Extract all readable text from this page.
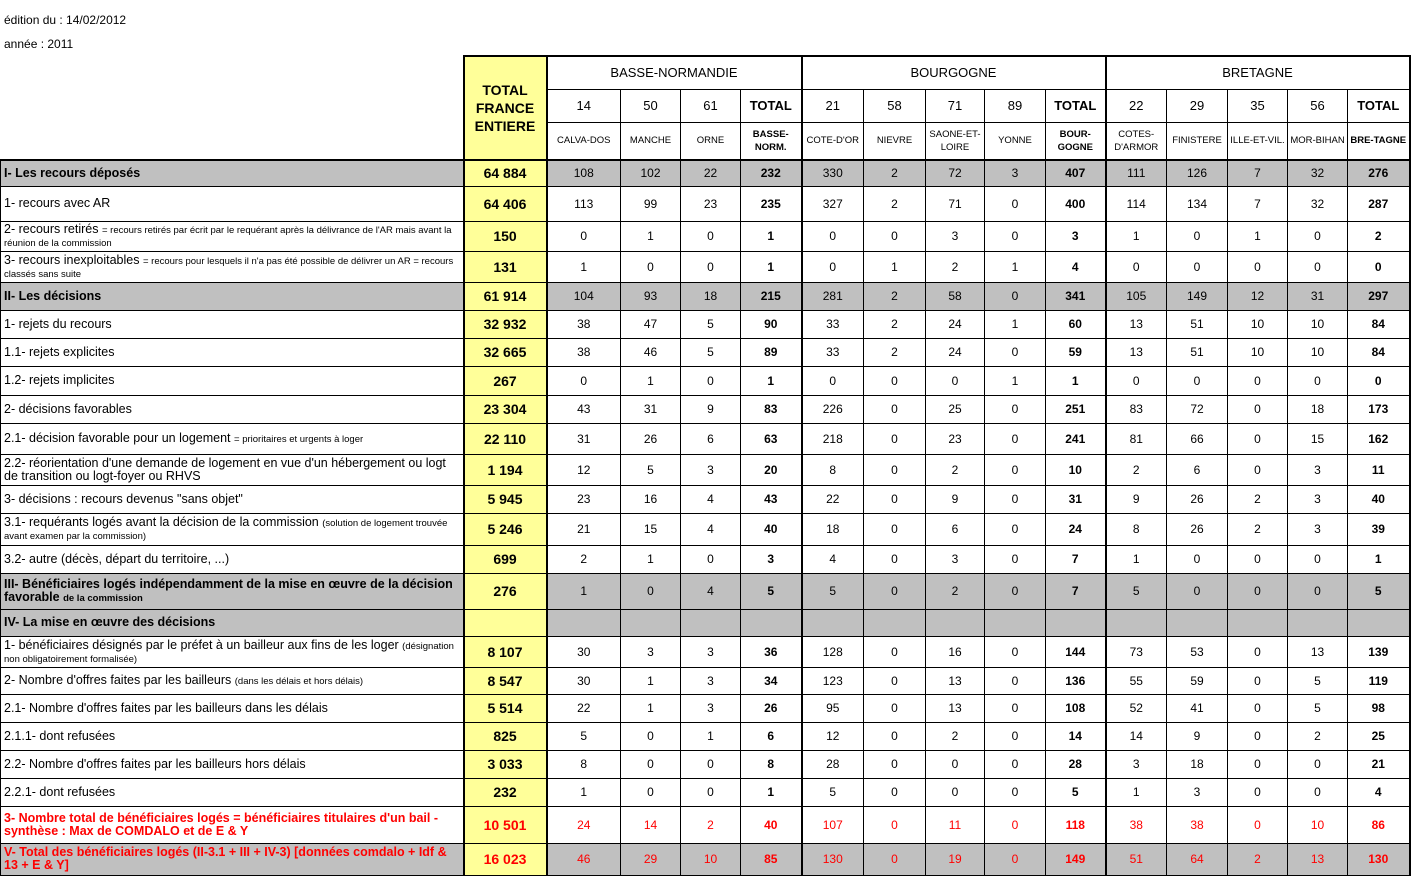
édition du : 14/02/2012
année : 2011
	TOTAL FRANCE ENTIERE	BASSE-NORMANDIE				BOURGOGNE					BRETAGNE				
		14	50	61	TOTAL	21	58	71	89	TOTAL	22	29	35	56	TOTAL
		CALVA-DOS	MANCHE	ORNE	BASSE-NORM.	COTE-D'OR	NIEVRE	SAONE-ET-LOIRE	YONNE	BOUR-GOGNE	COTES-D'ARMOR	FINISTERE	ILLE-ET-VIL.	MOR-BIHAN	BRE-TAGNE
I- Les recours déposés	64 884	108	102	22	232	330	2	72	3	407	111	126	7	32	276
1- recours avec AR	64 406	113	99	23	235	327	2	71	0	400	114	134	7	32	287
2- recours retirés = recours retirés par écrit par le requérant après la délivrance de l'AR mais avant la réunion de la commission	150	0	1	0	1	0	0	3	0	3	1	0	1	0	2
3- recours inexploitables = recours pour lesquels il n'a pas été possible de délivrer un AR = recours classés sans suite	131	1	0	0	1	0	1	2	1	4	0	0	0	0	0
II- Les décisions	61 914	104	93	18	215	281	2	58	0	341	105	149	12	31	297
1- rejets du recours	32 932	38	47	5	90	33	2	24	1	60	13	51	10	10	84
1.1- rejets explicites	32 665	38	46	5	89	33	2	24	0	59	13	51	10	10	84
1.2- rejets implicites	267	0	1	0	1	0	0	0	1	1	0	0	0	0	0
2- décisions favorables	23 304	43	31	9	83	226	0	25	0	251	83	72	0	18	173
2.1- décision favorable pour un logement = prioritaires et urgents à loger	22 110	31	26	6	63	218	0	23	0	241	81	66	0	15	162
2.2- réorientation d'une demande de logement en vue d'un hébergement ou logt de transition ou logt-foyer ou RHVS	1 194	12	5	3	20	8	0	2	0	10	2	6	0	3	11
3- décisions : recours devenus "sans objet"	5 945	23	16	4	43	22	0	9	0	31	9	26	2	3	40
3.1- requérants logés avant la décision de la commission (solution de logement trouvée avant examen par la commission)	5 246	21	15	4	40	18	0	6	0	24	8	26	2	3	39
3.2- autre (décès, départ du territoire, ...)	699	2	1	0	3	4	0	3	0	7	1	0	0	0	1
III- Bénéficiaires logés indépendamment de la mise en œuvre de la décision favorable de la commission	276	1	0	4	5	5	0	2	0	7	5	0	0	0	5
IV- La mise en œuvre des décisions															
1- bénéficiaires désignés par le préfet à un bailleur aux fins de les loger (désignation non obligatoirement formalisée)	8 107	30	3	3	36	128	0	16	0	144	73	53	0	13	139
2- Nombre d'offres faites par les bailleurs (dans les délais et hors délais)	8 547	30	1	3	34	123	0	13	0	136	55	59	0	5	119
2.1- Nombre d'offres faites par les bailleurs dans les délais	5 514	22	1	3	26	95	0	13	0	108	52	41	0	5	98
2.1.1- dont refusées	825	5	0	1	6	12	0	2	0	14	14	9	0	2	25
2.2- Nombre d'offres faites par les bailleurs hors délais	3 033	8	0	0	8	28	0	0	0	28	3	18	0	0	21
2.2.1- dont refusées	232	1	0	0	1	5	0	0	0	5	1	3	0	0	4
3- Nombre total de bénéficiaires logés = bénéficiaires titulaires d'un bail - synthèse : Max de COMDALO et de E & Y	10 501	24	14	2	40	107	0	11	0	118	38	38	0	10	86
V- Total des bénéficiaires logés (II-3.1 + III + IV-3) [données comdalo + Idf & 13 + E & Y]	16 023	46	29	10	85	130	0	19	0	149	51	64	2	13	130
